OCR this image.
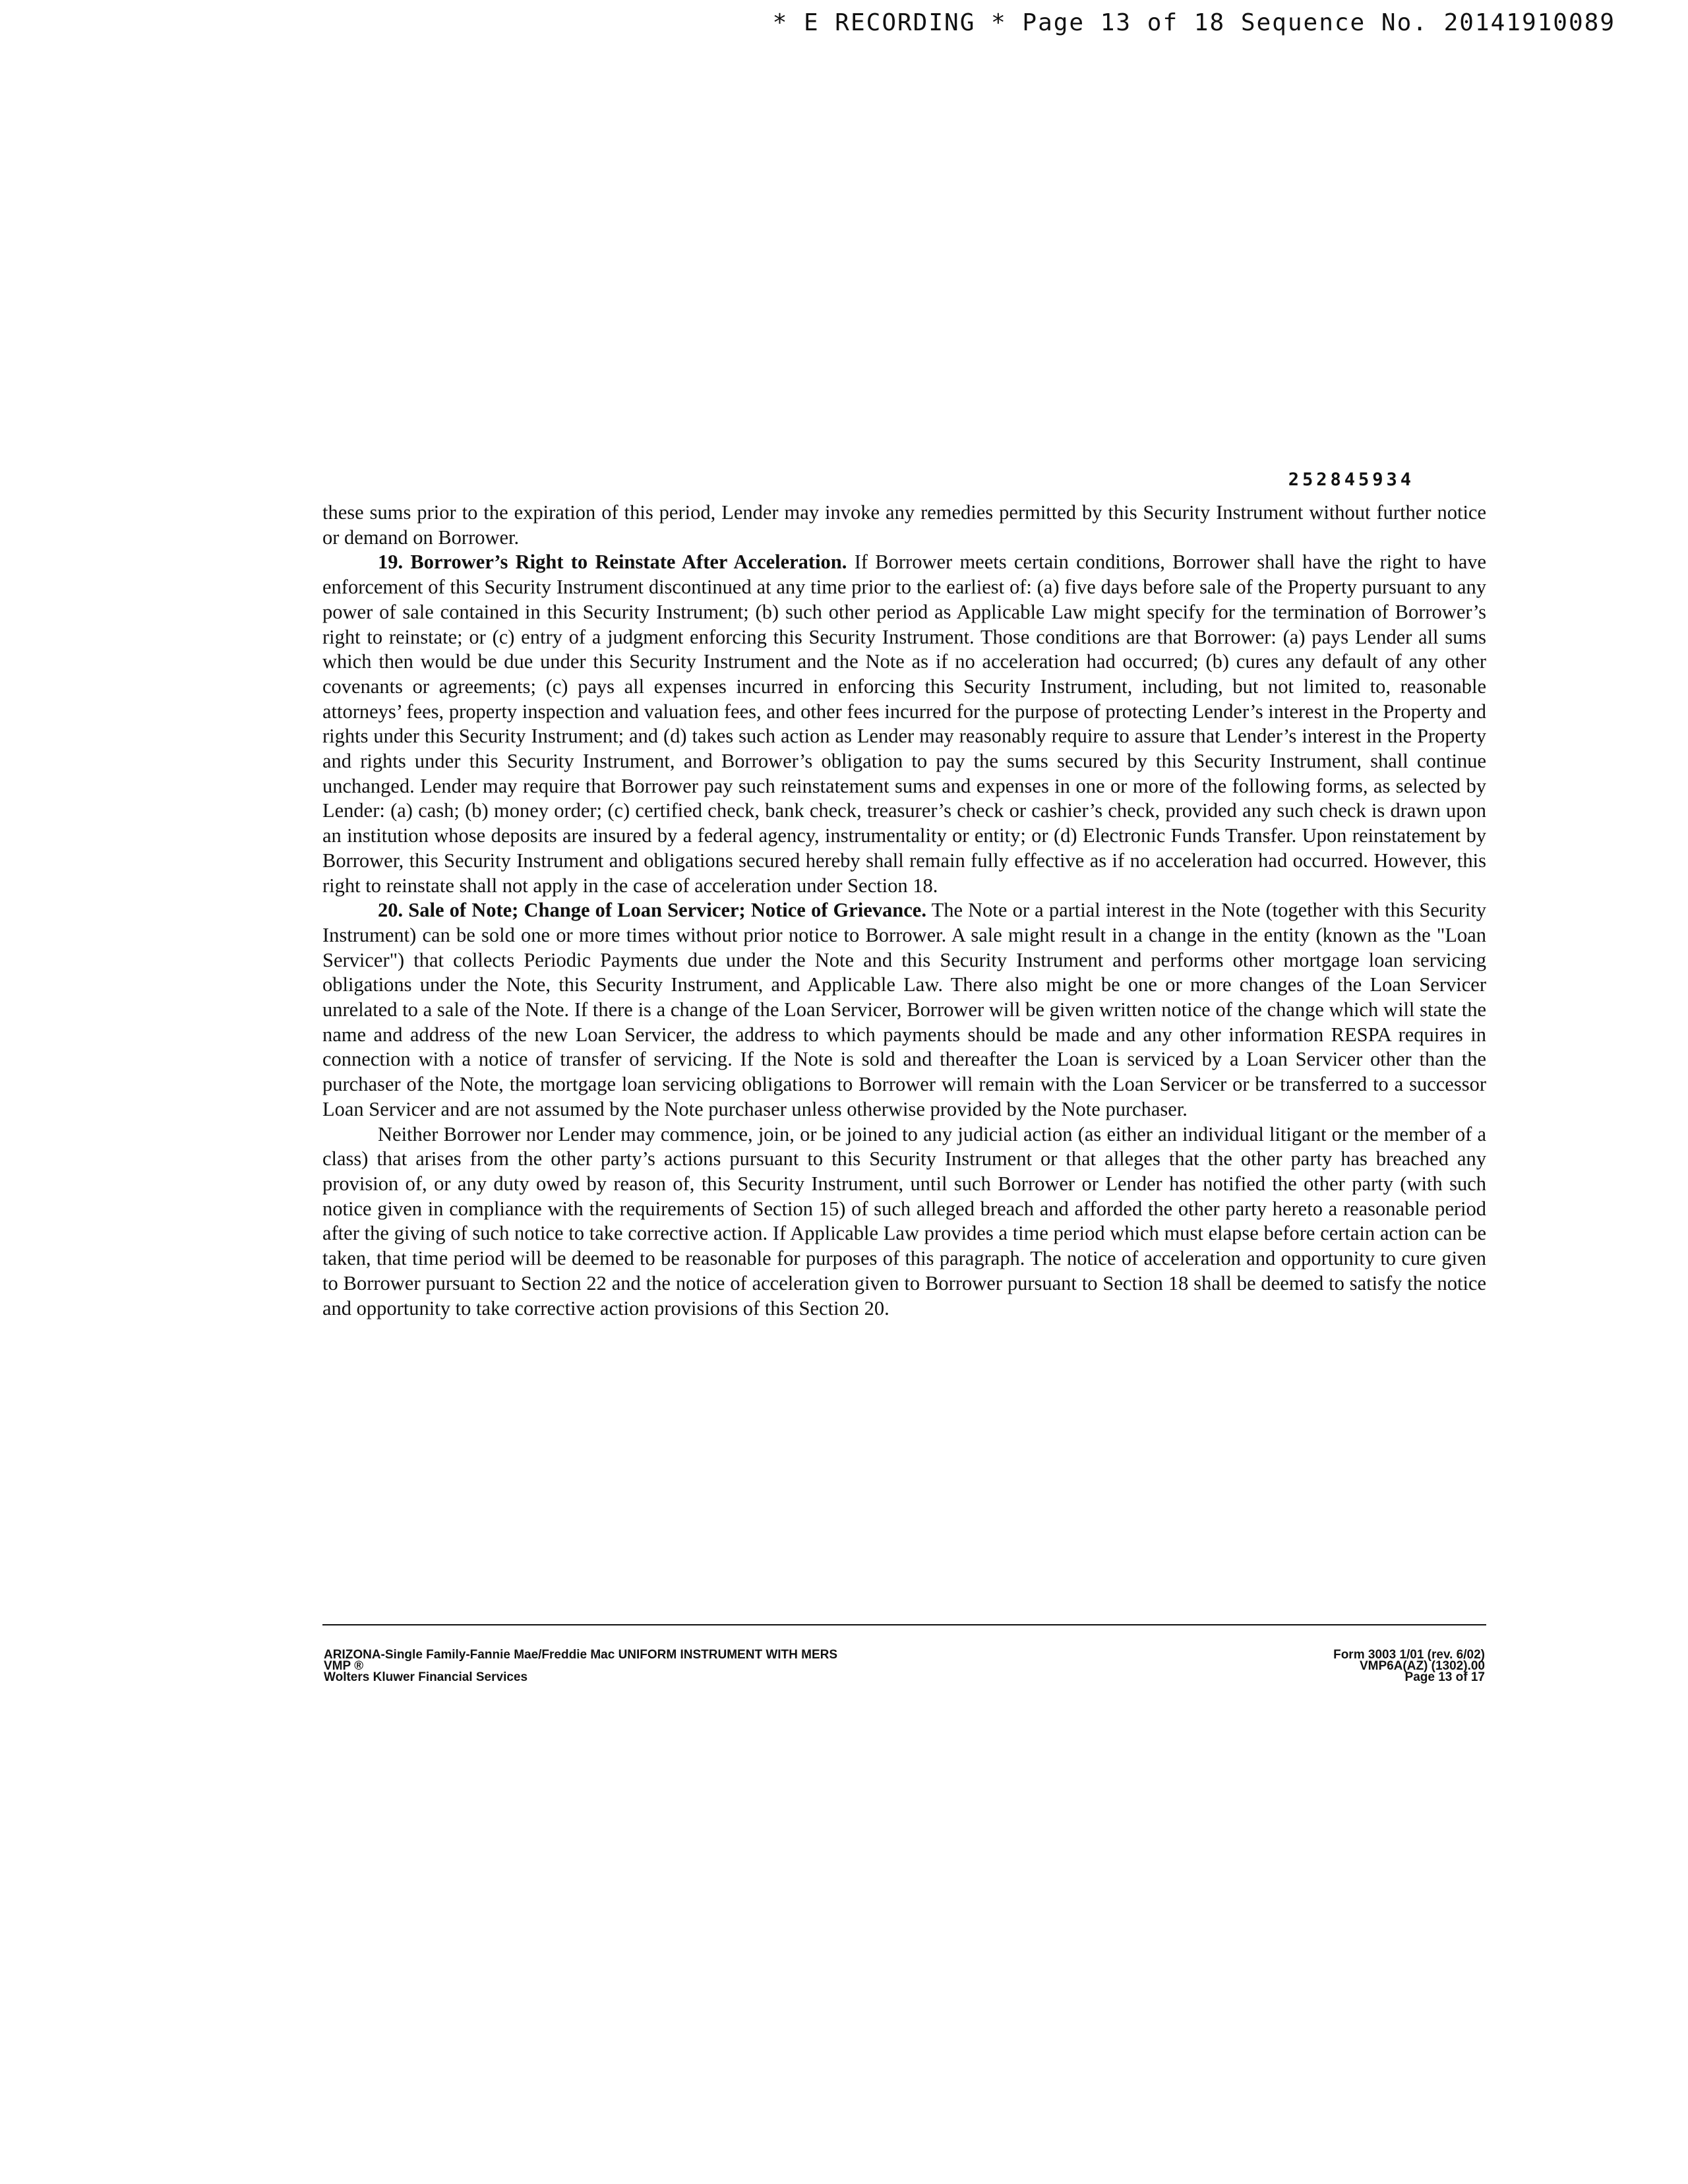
* E RECORDING * Page 13 of 18 Sequence No. 20141910089
252845934

these sums prior to the expiration of this period, Lender may invoke any remedies permitted by this Security Instrument without further notice or demand on Borrower.

19. Borrower’s Right to Reinstate After Acceleration. If Borrower meets certain conditions, Borrower shall have the right to have enforcement of this Security Instrument discontinued at any time prior to the earliest of: (a) five days before sale of the Property pursuant to any power of sale contained in this Security Instrument; (b) such other period as Applicable Law might specify for the termination of Borrower’s right to reinstate; or (c) entry of a judgment enforcing this Security Instrument. Those conditions are that Borrower: (a) pays Lender all sums which then would be due under this Security Instrument and the Note as if no acceleration had occurred; (b) cures any default of any other covenants or agreements; (c) pays all expenses incurred in enforcing this Security Instrument, including, but not limited to, reasonable attorneys’ fees, property inspection and valuation fees, and other fees incurred for the purpose of protecting Lender’s interest in the Property and rights under this Security Instrument; and (d) takes such action as Lender may reasonably require to assure that Lender’s interest in the Property and rights under this Security Instrument, and Borrower’s obligation to pay the sums secured by this Security Instrument, shall continue unchanged. Lender may require that Borrower pay such reinstatement sums and expenses in one or more of the following forms, as selected by Lender: (a) cash; (b) money order; (c) certified check, bank check, treasurer’s check or cashier’s check, provided any such check is drawn upon an institution whose deposits are insured by a federal agency, instrumentality or entity; or (d) Electronic Funds Transfer. Upon reinstatement by Borrower, this Security Instrument and obligations secured hereby shall remain fully effective as if no acceleration had occurred. However, this right to reinstate shall not apply in the case of acceleration under Section 18.

20. Sale of Note; Change of Loan Servicer; Notice of Grievance. The Note or a partial interest in the Note (together with this Security Instrument) can be sold one or more times without prior notice to Borrower. A sale might result in a change in the entity (known as the "Loan Servicer") that collects Periodic Payments due under the Note and this Security Instrument and performs other mortgage loan servicing obligations under the Note, this Security Instrument, and Applicable Law. There also might be one or more changes of the Loan Servicer unrelated to a sale of the Note. If there is a change of the Loan Servicer, Borrower will be given written notice of the change which will state the name and address of the new Loan Servicer, the address to which payments should be made and any other information RESPA requires in connection with a notice of transfer of servicing. If the Note is sold and thereafter the Loan is serviced by a Loan Servicer other than the purchaser of the Note, the mortgage loan servicing obligations to Borrower will remain with the Loan Servicer or be transferred to a successor Loan Servicer and are not assumed by the Note purchaser unless otherwise provided by the Note purchaser.

Neither Borrower nor Lender may commence, join, or be joined to any judicial action (as either an individual litigant or the member of a class) that arises from the other party’s actions pursuant to this Security Instrument or that alleges that the other party has breached any provision of, or any duty owed by reason of, this Security Instrument, until such Borrower or Lender has notified the other party (with such notice given in compliance with the requirements of Section 15) of such alleged breach and afforded the other party hereto a reasonable period after the giving of such notice to take corrective action. If Applicable Law provides a time period which must elapse before certain action can be taken, that time period will be deemed to be reasonable for purposes of this paragraph. The notice of acceleration and opportunity to cure given to Borrower pursuant to Section 22 and the notice of acceleration given to Borrower pursuant to Section 18 shall be deemed to satisfy the notice and opportunity to take corrective action provisions of this Section 20.

ARIZONA-Single Family-Fannie Mae/Freddie Mac UNIFORM INSTRUMENT WITH MERS
VMP ®
Wolters Kluwer Financial Services
Form 3003 1/01 (rev. 6/02)
VMP6A(AZ) (1302).00
Page 13 of 17
